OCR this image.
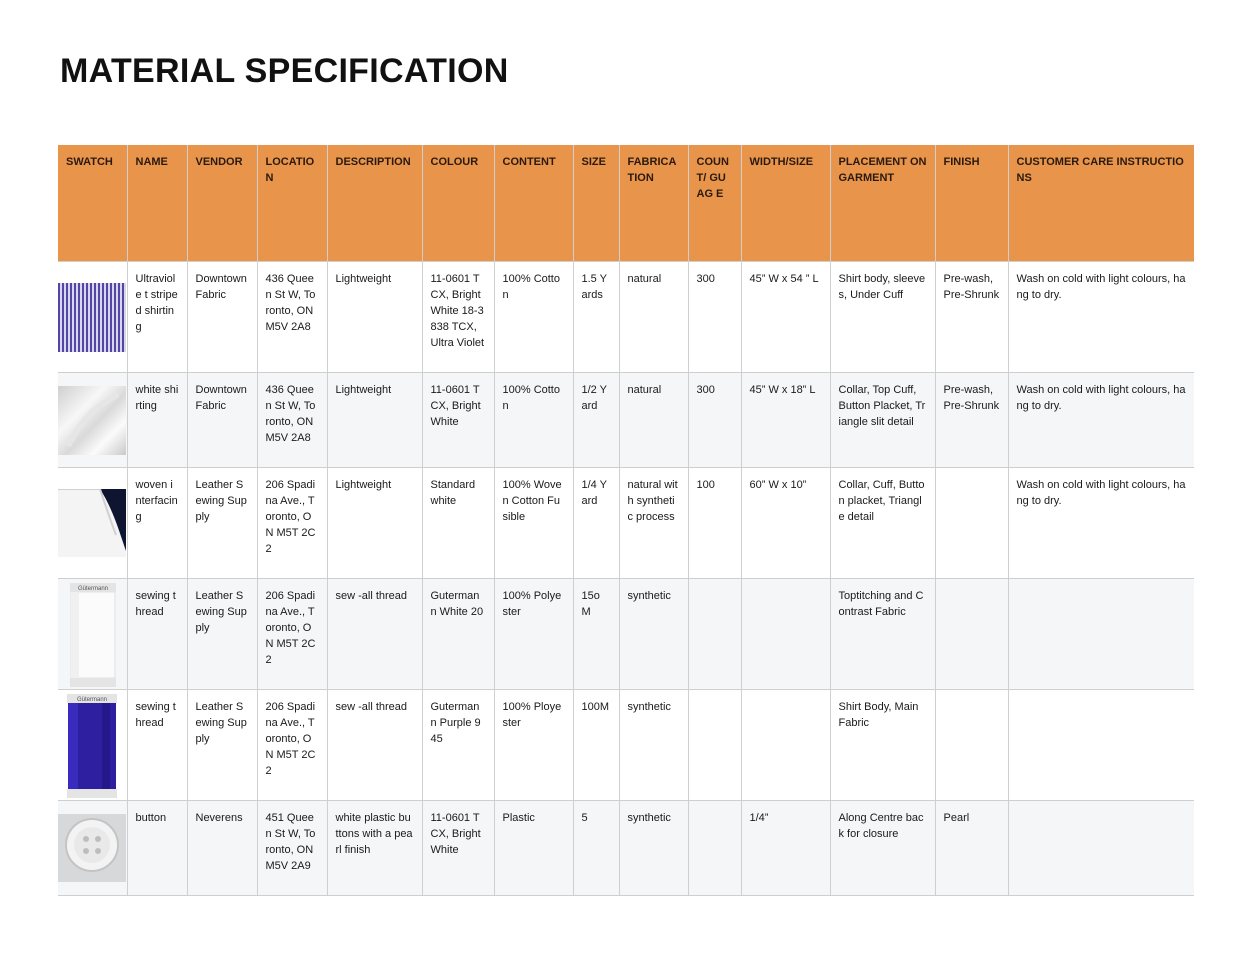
MATERIAL SPECIFICATION
SWATCH	NAME	VENDOR	LOCATIO N	DESCRIPTION	COLOUR	CONTENT	SIZE	FABRICA TION	COUN T/ GUAG E	WIDTH/SIZE	PLACEMENT ON GARMENT	FINISH	CUSTOMER CARE INSTRUCTIONS

	Ultraviole t striped shirting	Downtown Fabric	436 Queen St W, Toronto, ON M5V 2A8	Lightweight	11-0601 TCX, Bright White 18-3838 TCX, Ultra Violet	100% Cotton	1.5 Yards	natural	300	45” W x 54 ” L	Shirt body, sleeves, Under Cuff	Pre-wash, Pre-Shrunk	Wash on cold with light colours, hang to dry.

	white shirting	Downtown Fabric	436 Queen St W, Toronto, ON M5V 2A8	Lightweight	11-0601 TCX, Bright White	100% Cotton	1/2 Yard	natural	300	45” W x 18” L	Collar, Top Cuff, Button Placket, Triangle slit detail	Pre-wash, Pre-Shrunk	Wash on cold with light colours, hang to dry.

	woven interfacin g	Leather Sewing Supply	206 Spadina Ave., Toronto, ON M5T 2C2	Lightweight	Standard white	100% Woven Cotton Fusible	1/4 Yard	natural with synthetic process	100	60” W x 10”	Collar, Cuff, Button placket, Triangle detail		Wash on cold with light colours, hang to dry.

Gütermann	sewing thread	Leather Sewing Supply	206 Spadina Ave., Toronto, ON M5T 2C2	sew -all thread	Gutermann White 20	100% Polyester	15o M	synthetic			Toptitching and Contrast Fabric		

Gütermann	sewing thread	Leather Sewing Supply	206 Spadina Ave., Toronto, ON M5T 2C2	sew -all thread	Gutermann Purple 945	100% Ployester	100M	synthetic			Shirt Body, Main Fabric		

	button	Neverens	451 Queen St W, Toronto, ON M5V 2A9	white plastic buttons with a pearl finish	11-0601 TCX, Bright White	Plastic	5	synthetic		1/4”	Along Centre back for closure	Pearl	
